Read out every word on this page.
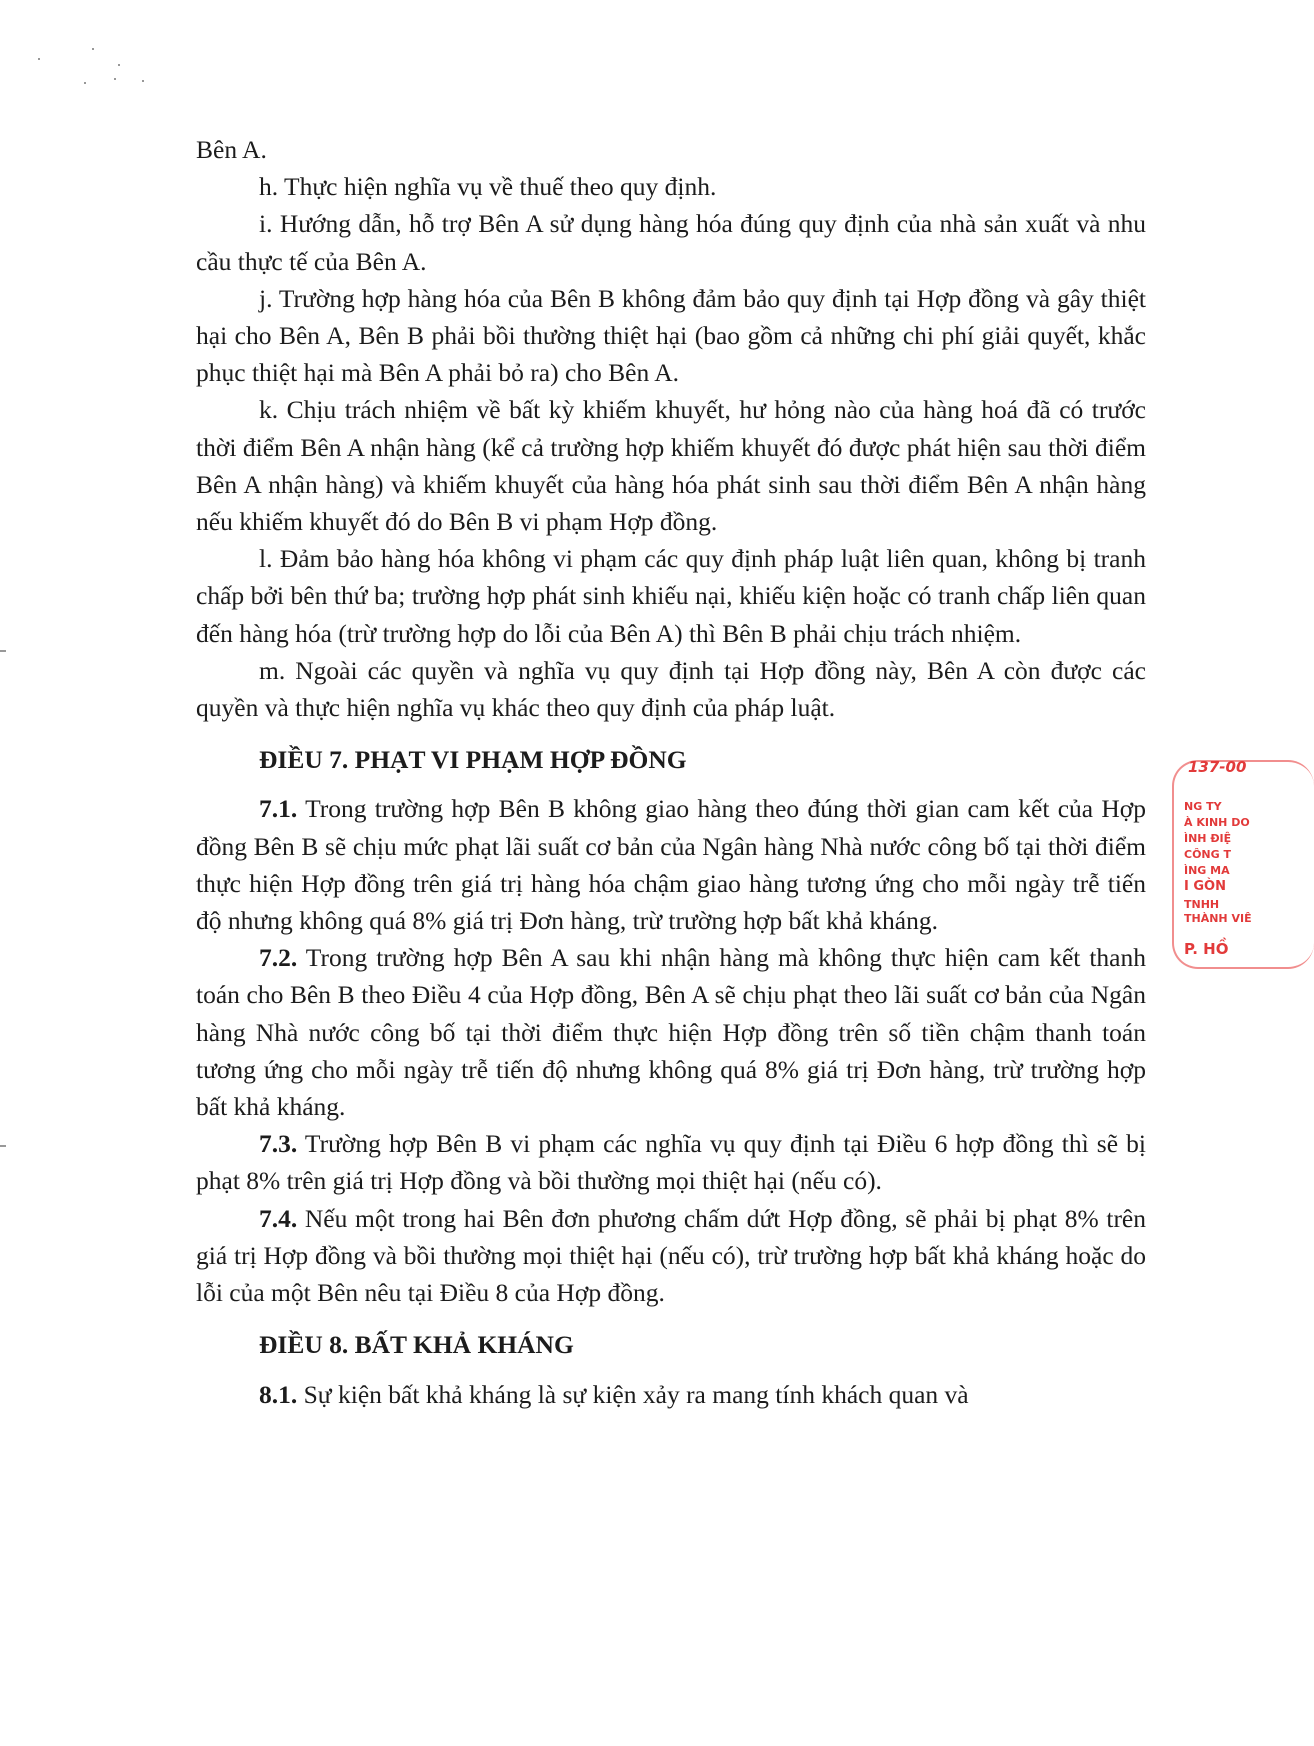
Bên A.

h. Thực hiện nghĩa vụ về thuế theo quy định.

i. Hướng dẫn, hỗ trợ Bên A sử dụng hàng hóa đúng quy định của nhà sản xuất và nhu cầu thực tế của Bên A.

j. Trường hợp hàng hóa của Bên B không đảm bảo quy định tại Hợp đồng và gây thiệt hại cho Bên A, Bên B phải bồi thường thiệt hại (bao gồm cả những chi phí giải quyết, khắc phục thiệt hại mà Bên A phải bỏ ra) cho Bên A.

k. Chịu trách nhiệm về bất kỳ khiếm khuyết, hư hỏng nào của hàng hoá đã có trước thời điểm Bên A nhận hàng (kể cả trường hợp khiếm khuyết đó được phát hiện sau thời điểm Bên A nhận hàng) và khiếm khuyết của hàng hóa phát sinh sau thời điểm Bên A nhận hàng nếu khiếm khuyết đó do Bên B vi phạm Hợp đồng.

l. Đảm bảo hàng hóa không vi phạm các quy định pháp luật liên quan, không bị tranh chấp bởi bên thứ ba; trường hợp phát sinh khiếu nại, khiếu kiện hoặc có tranh chấp liên quan đến hàng hóa (trừ trường hợp do lỗi của Bên A) thì Bên B phải chịu trách nhiệm.

m. Ngoài các quyền và nghĩa vụ quy định tại Hợp đồng này, Bên A còn được các quyền và thực hiện nghĩa vụ khác theo quy định của pháp luật.

ĐIỀU 7. PHẠT VI PHẠM HỢP ĐỒNG

7.1. Trong trường hợp Bên B không giao hàng theo đúng thời gian cam kết của Hợp đồng Bên B sẽ chịu mức phạt lãi suất cơ bản của Ngân hàng Nhà nước công bố tại thời điểm thực hiện Hợp đồng trên giá trị hàng hóa chậm giao hàng tương ứng cho mỗi ngày trễ tiến độ nhưng không quá 8% giá trị Đơn hàng, trừ trường hợp bất khả kháng.

7.2. Trong trường hợp Bên A sau khi nhận hàng mà không thực hiện cam kết thanh toán cho Bên B theo Điều 4 của Hợp đồng, Bên A sẽ chịu phạt theo lãi suất cơ bản của Ngân hàng Nhà nước công bố tại thời điểm thực hiện Hợp đồng trên số tiền chậm thanh toán tương ứng cho mỗi ngày trễ tiến độ nhưng không quá 8% giá trị Đơn hàng, trừ trường hợp bất khả kháng.

7.3. Trường hợp Bên B vi phạm các nghĩa vụ quy định tại Điều 6 hợp đồng thì sẽ bị phạt 8% trên giá trị Hợp đồng và bồi thường mọi thiệt hại (nếu có).

7.4. Nếu một trong hai Bên đơn phương chấm dứt Hợp đồng, sẽ phải bị phạt 8% trên giá trị Hợp đồng và bồi thường mọi thiệt hại (nếu có), trừ trường hợp bất khả kháng hoặc do lỗi của một Bên nêu tại Điều 8 của Hợp đồng.

ĐIỀU 8. BẤT KHẢ KHÁNG

8.1. Sự kiện bất khả kháng là sự kiện xảy ra mang tính khách quan và

137-00
NG TY
À KINH DO
ÌNH ĐIỆ
CÔNG T
ÌNG MA
I GÒN
TNHH
THÀNH VIÊ
P. HỒ
